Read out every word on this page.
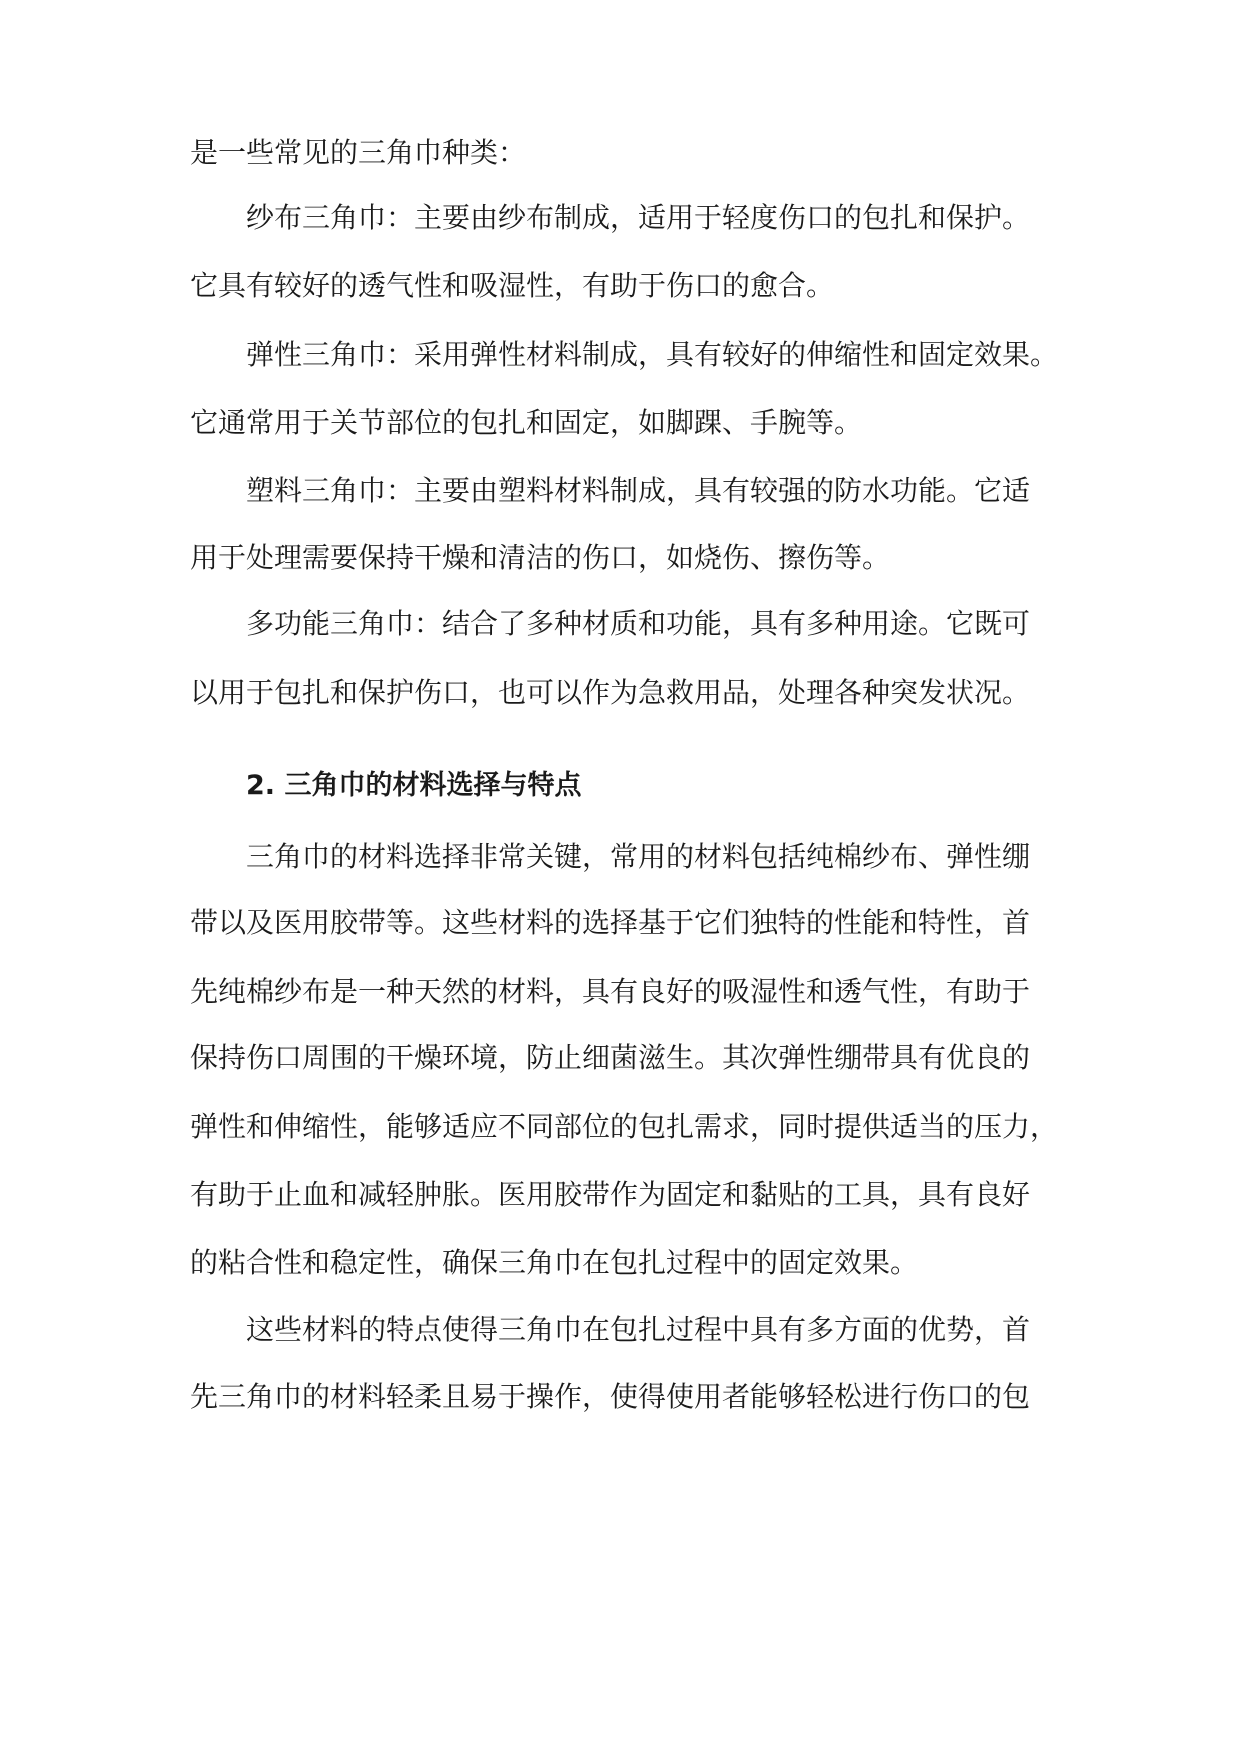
是一些常见的三角巾种类：
纱布三角巾：主要由纱布制成，适用于轻度伤口的包扎和保护。
它具有较好的透气性和吸湿性，有助于伤口的愈合。
弹性三角巾：采用弹性材料制成，具有较好的伸缩性和固定效果。
它通常用于关节部位的包扎和固定，如脚踝、手腕等。
塑料三角巾：主要由塑料材料制成，具有较强的防水功能。它适
用于处理需要保持干燥和清洁的伤口，如烧伤、擦伤等。
多功能三角巾：结合了多种材质和功能，具有多种用途。它既可
以用于包扎和保护伤口，也可以作为急救用品，处理各种突发状况。
2. 三角巾的材料选择与特点
三角巾的材料选择非常关键，常用的材料包括纯棉纱布、弹性绷
带以及医用胶带等。这些材料的选择基于它们独特的性能和特性，首
先纯棉纱布是一种天然的材料，具有良好的吸湿性和透气性，有助于
保持伤口周围的干燥环境，防止细菌滋生。其次弹性绷带具有优良的
弹性和伸缩性，能够适应不同部位的包扎需求，同时提供适当的压力，
有助于止血和减轻肿胀。医用胶带作为固定和黏贴的工具，具有良好
的粘合性和稳定性，确保三角巾在包扎过程中的固定效果。
这些材料的特点使得三角巾在包扎过程中具有多方面的优势，首
先三角巾的材料轻柔且易于操作，使得使用者能够轻松进行伤口的包
